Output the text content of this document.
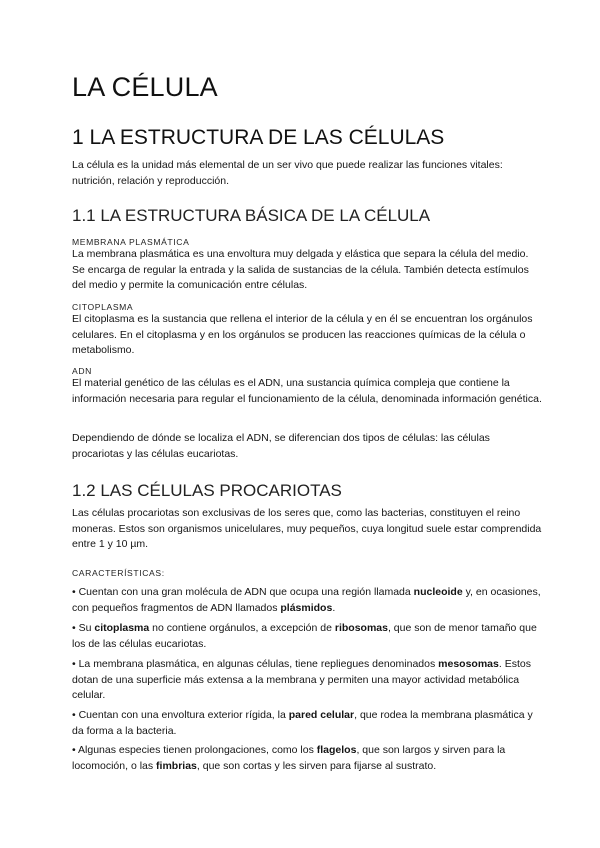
LA CÉLULA
1 LA ESTRUCTURA DE LAS CÉLULAS

La célula es la unidad más elemental de un ser vivo que puede realizar las funciones vitales: nutrición, relación y reproducción.

1.1 LA ESTRUCTURA BÁSICA DE LA CÉLULA
MEMBRANA PLASMÁTICA

La membrana plasmática es una envoltura muy delgada y elástica que separa la célula del medio. Se encarga de regular la entrada y la salida de sustancias de la célula. También detecta estímulos del medio y permite la comunicación entre células.

CITOPLASMA

El citoplasma es la sustancia que rellena el interior de la célula y en él se encuentran los orgánulos celulares. En el citoplasma y en los orgánulos se producen las reacciones químicas de la célula o metabolismo.

ADN

El material genético de las células es el ADN, una sustancia química compleja que contiene la información necesaria para regular el funcionamiento de la célula, denominada información genética.

Dependiendo de dónde se localiza el ADN, se diferencian dos tipos de células: las células procariotas y las células eucariotas.

1.2 LAS CÉLULAS PROCARIOTAS

Las células procariotas son exclusivas de los seres que, como las bacterias, constituyen el reino moneras. Estos son organismos unicelulares, muy pequeños, cuya longitud suele estar comprendida entre 1 y 10 µm.

CARACTERÍSTICAS:

• Cuentan con una gran molécula de ADN que ocupa una región llamada nucleoide y, en ocasiones, con pequeños fragmentos de ADN llamados plásmidos.

• Su citoplasma no contiene orgánulos, a excepción de ribosomas, que son de menor tamaño que los de las células eucariotas.

• La membrana plasmática, en algunas células, tiene repliegues denominados mesosomas. Estos dotan de una superficie más extensa a la membrana y permiten una mayor actividad metabólica celular.

• Cuentan con una envoltura exterior rígida, la pared celular, que rodea la membrana plasmática y da forma a la bacteria.

• Algunas especies tienen prolongaciones, como los flagelos, que son largos y sirven para la locomoción, o las fimbrias, que son cortas y les sirven para fijarse al sustrato.
